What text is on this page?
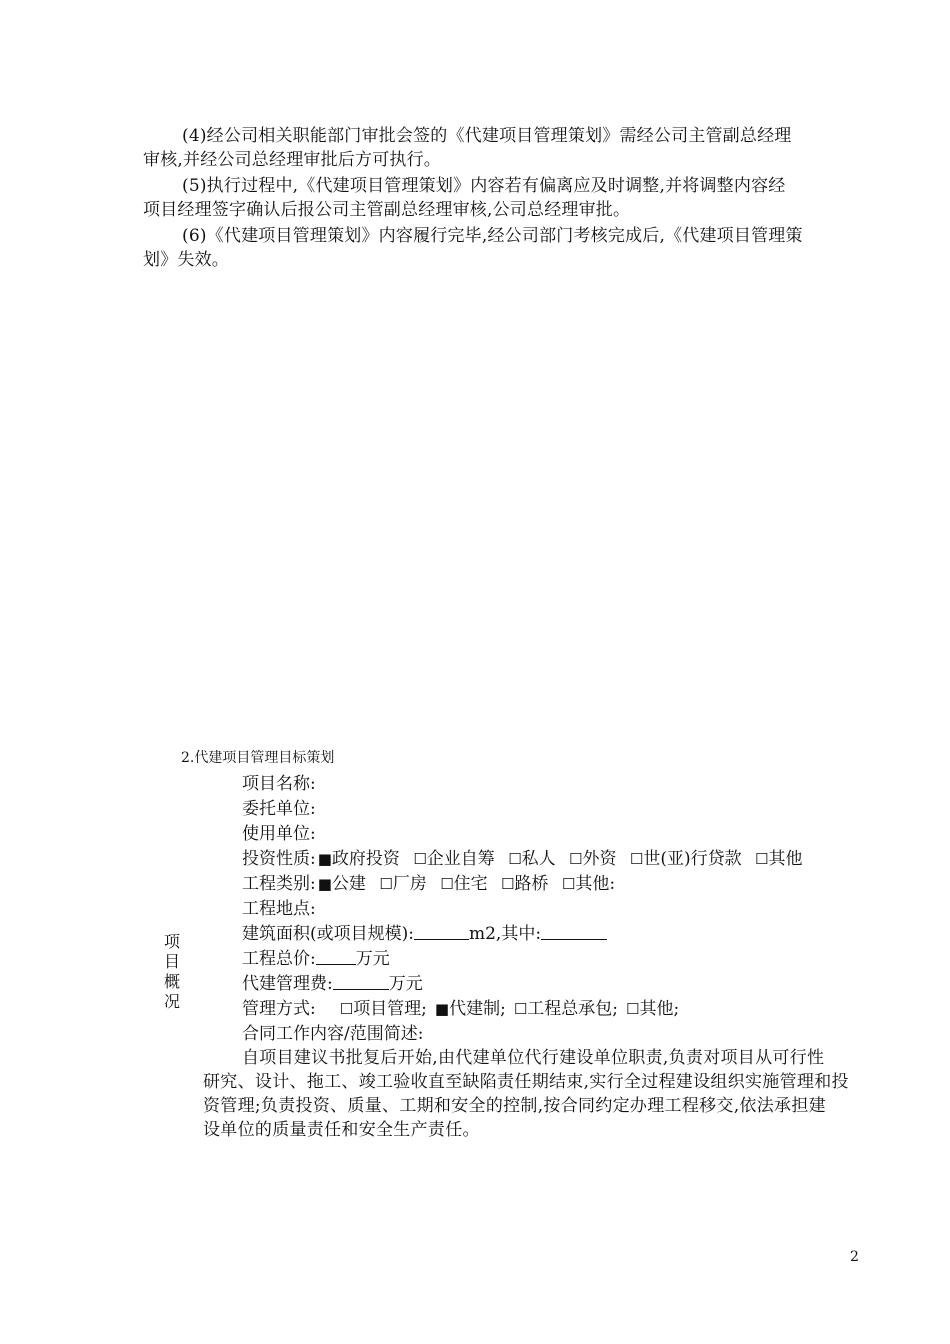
(4)经公司相关职能部门审批会签的《代建项目管理策划》需经公司主管副总经理
审核,并经公司总经理审批后方可执行。
(5)执行过程中,《代建项目管理策划》内容若有偏离应及时调整,并将调整内容经
项目经理签字确认后报公司主管副总经理审核,公司总经理审批。
(6)《代建项目管理策划》内容履行完毕,经公司部门考核完成后,《代建项目管理策
划》失效。
2.代建项目管理目标策划
项
目
概
况
项目名称:
委托单位:
使用单位:
投资性质: ■政府投资 ☐企业自筹 ☐私人 ☐外资 ☐世(亚)行贷款 ☐其他
工程类别: ■公建 ☐厂房 ☐住宅 ☐路桥 ☐其他:
工程地点:
建筑面积(或项目规模):	m2,其中:
工程总价: 万元
代建管理费:	万元
管理方式: ☐项目管理; ■代建制; ☐工程总承包; ☐其他;
合同工作内容/范围简述:
自项目建议书批复后开始,由代建单位代行建设单位职责,负责对项目从可行性
研究、设计、拖工、竣工验收直至缺陷责任期结束,实行全过程建设组织实施管理和投
资管理;负责投资、质量、工期和安全的控制,按合同约定办理工程移交,依法承担建
设单位的质量责任和安全生产责任。
2
